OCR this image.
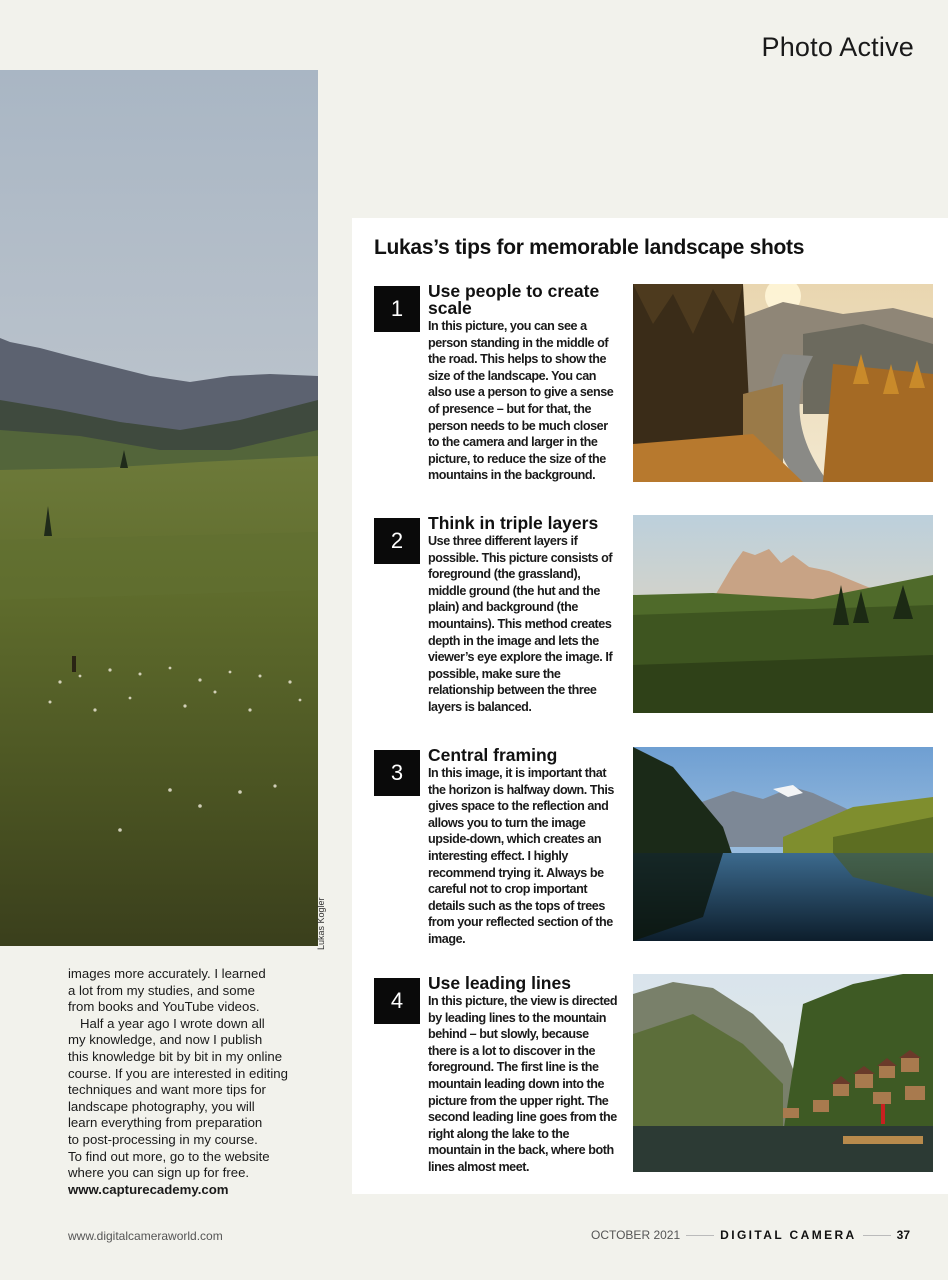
Photo Active
Lukas Kogler

images more accurately. I learned

a lot from my studies, and some

from books and YouTube videos.

Half a year ago I wrote down all

my knowledge, and now I publish

this knowledge bit by bit in my online

course. If you are interested in editing

techniques and want more tips for

landscape photography, you will

learn everything from preparation

to post-processing in my course.

To find out more, go to the website

where you can sign up for free.

www.capturecademy.com

Lukas’s tips for memorable landscape shots
1
Use people to create scale
In this picture, you can see a person standing in the middle of the road. This helps to show the size of the landscape. You can also use a person to give a sense of presence – but for that, the person needs to be much closer to the camera and larger in the picture, to reduce the size of the mountains in the background.
2
Think in triple layers
Use three different layers if possible. This picture consists of foreground (the grassland), middle ground (the hut and the plain) and background (the mountains). This method creates depth in the image and lets the viewer’s eye explore the image. If possible, make sure the relationship between the three layers is balanced.
3
Central framing
In this image, it is important that the horizon is halfway down. This gives space to the reflection and allows you to turn the image upside-down, which creates an interesting effect. I highly recommend trying it. Always be careful not to crop important details such as the tops of trees from your reflected section of the image.
4
Use leading lines
In this picture, the view is directed by leading lines to the mountain behind – but slowly, because there is a lot to discover in the foreground. The first line is the mountain leading down into the picture from the upper right. The second leading line goes from the right along the lake to the mountain in the back, where both lines almost meet.
www.digitalcameraworld.com	OCTOBER 2021	DIGITAL CAMERA	37
